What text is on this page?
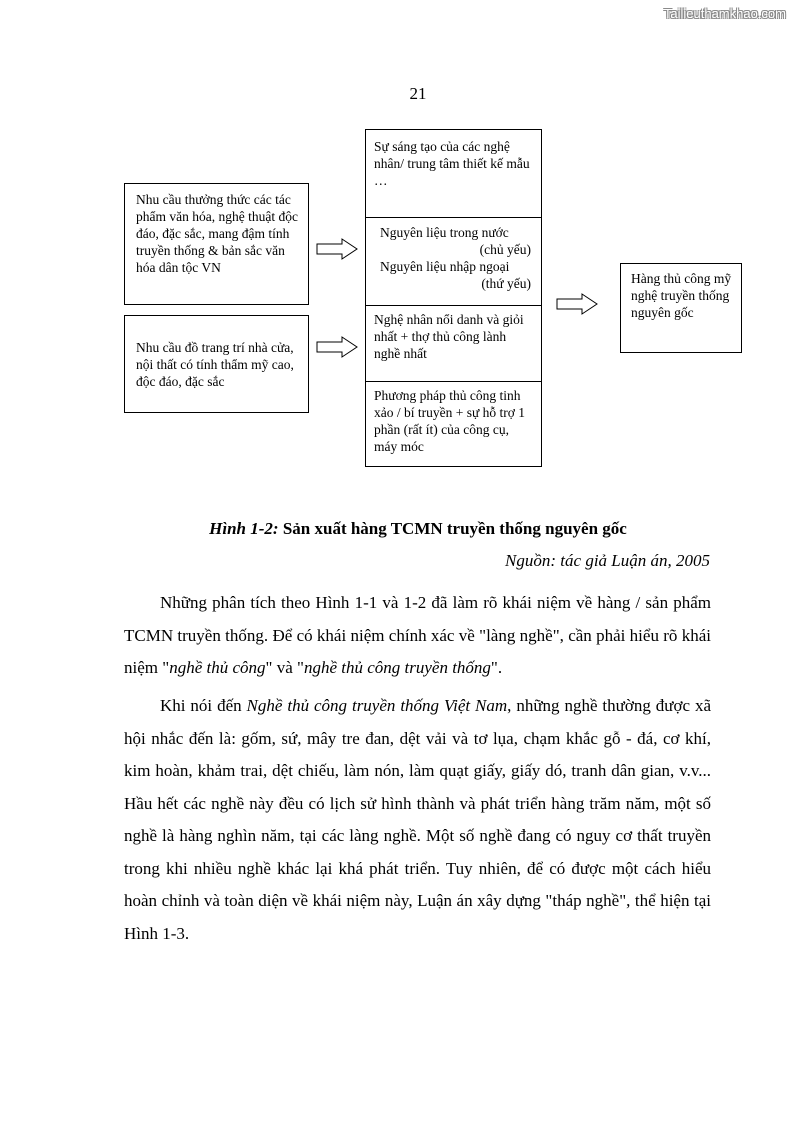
Tailieuthamkhao.com
21
Nhu cầu thưởng thức các tác phẩm văn hóa, nghệ thuật độc đáo, đặc sắc, mang đậm tính truyền thống & bản sắc văn hóa dân tộc VN
Nhu cầu đồ trang trí nhà cửa, nội thất có tính thẩm mỹ cao, độc đáo, đặc sắc
Sự sáng tạo của các nghệ nhân/ trung tâm thiết kế mẫu …
Nguyên liệu trong nước
(chủ yếu)
Nguyên liệu nhập ngoại
(thứ yếu)
Nghệ nhân nổi danh và giỏi nhất + thợ thủ công lành nghề nhất
Phương pháp thủ công tinh xảo / bí truyền + sự hỗ trợ 1 phần (rất ít) của công cụ, máy móc
Hàng thủ công mỹ nghệ truyền thống nguyên gốc
Hình 1-2: Sản xuất hàng TCMN truyền thống nguyên gốc
Nguồn: tác giả Luận án, 2005

Những phân tích theo Hình 1-1 và 1-2 đã làm rõ khái niệm về hàng / sản phẩm TCMN truyền thống. Để có khái niệm chính xác về "làng nghề", cần phải hiểu rõ khái niệm "nghề thủ công" và "nghề thủ công truyền thống".

Khi nói đến Nghề thủ công truyền thống Việt Nam, những nghề thường được xã hội nhắc đến là: gốm, sứ, mây tre đan, dệt vải và tơ lụa, chạm khắc gỗ - đá, cơ khí, kim hoàn, khảm trai, dệt chiếu, làm nón, làm quạt giấy, giấy dó, tranh dân gian, v.v... Hầu hết các nghề này đều có lịch sử hình thành và phát triển hàng trăm năm, một số nghề là hàng nghìn năm, tại các làng nghề. Một số nghề đang có nguy cơ thất truyền trong khi nhiều nghề khác lại khá phát triển. Tuy nhiên, để có được một cách hiểu hoàn chỉnh và toàn diện về khái niệm này, Luận án xây dựng "tháp nghề", thể hiện tại Hình 1-3.
